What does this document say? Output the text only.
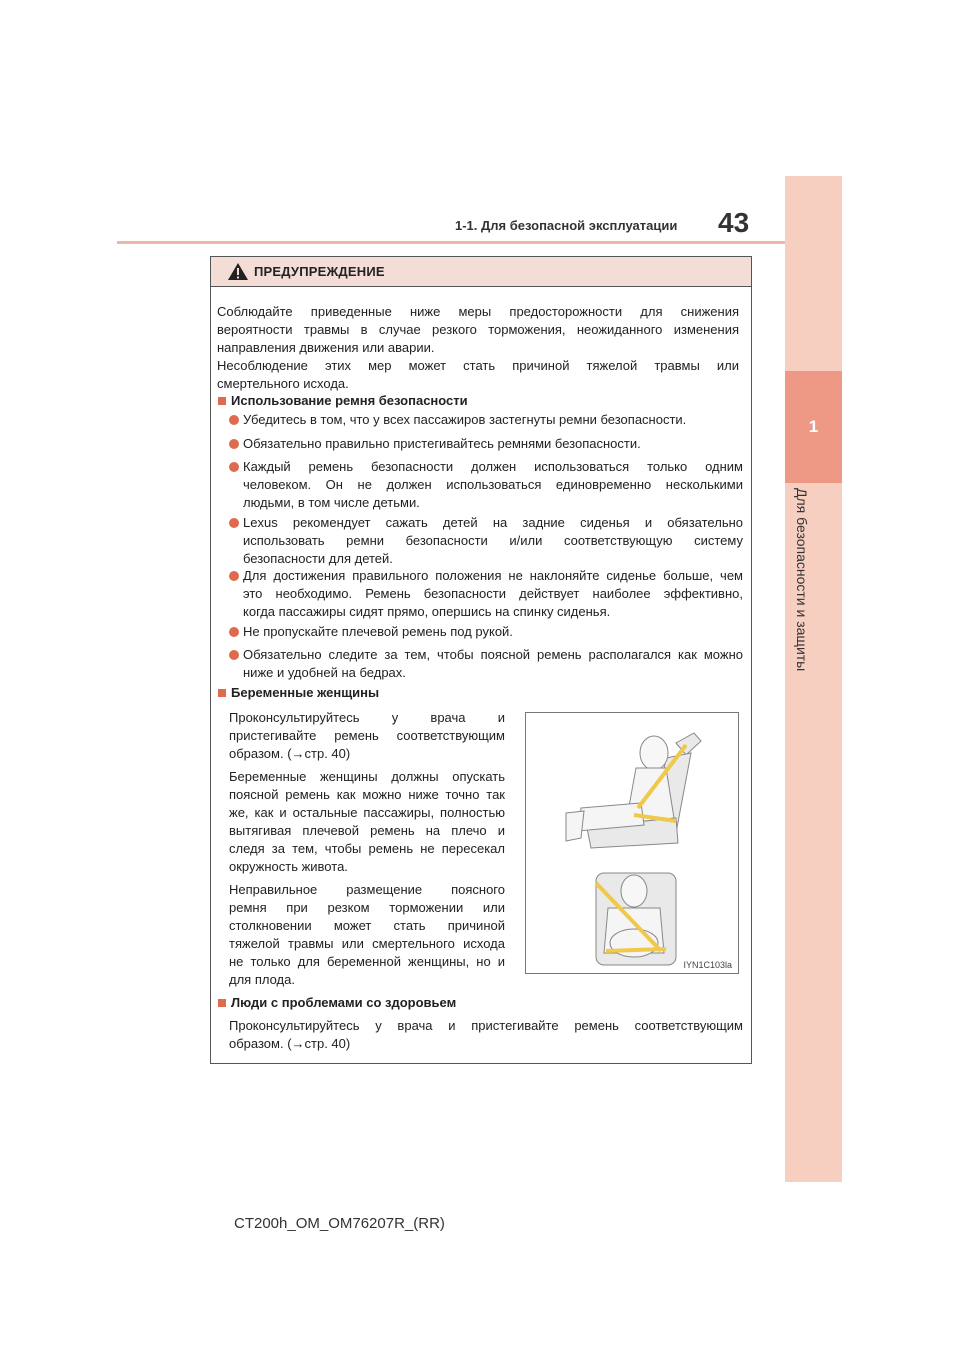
1
Для безопасности и защиты
1-1. Для безопасной эксплуатации 43
ПРЕДУПРЕЖДЕНИЕ
Соблюдайте приведенные ниже меры предосторожности для снижения
вероятности травмы в случае резкого торможения, неожиданного изменения
направления движения или аварии.
Несоблюдение этих мер может стать причиной тяжелой травмы или
смертельного исхода.
Использование ремня безопасности
Убедитесь в том, что у всех пассажиров застегнуты ремни безопасности.
Обязательно правильно пристегивайтесь ремнями безопасности.
Каждый ремень безопасности должен использоваться только одним
человеком. Он не должен использоваться единовременно несколькими
людьми, в том числе детьми.
Lexus рекомендует сажать детей на задние сиденья и обязательно
использовать ремни безопасности и/или соответствующую систему
безопасности для детей.
Для достижения правильного положения не наклоняйте сиденье больше, чем
это необходимо. Ремень безопасности действует наиболее эффективно,
когда пассажиры сидят прямо, опершись на спинку сиденья.
Не пропускайте плечевой ремень под рукой.
Обязательно следите за тем, чтобы поясной ремень располагался как можно
ниже и удобней на бедрах.
Беременные женщины
Проконсультируйтесь у врача и
пристегивайте ремень соответствующим
образом. (→стр. 40)
Беременные женщины должны опускать
поясной ремень как можно ниже точно так
же, как и остальные пассажиры, полностью
вытягивая плечевой ремень на плечо и
следя за тем, чтобы ремень не пересекал
окружность живота.
Неправильное размещение поясного
ремня при резком торможении или
столкновении может стать причиной
тяжелой травмы или смертельного исхода
не только для беременной женщины, но и
для плода.
Люди с проблемами со здоровьем
Проконсультируйтесь у врача и пристегивайте ремень соответствующим
образом. (→стр. 40)
IYN1C103la
CT200h_OM_OM76207R_(RR)
